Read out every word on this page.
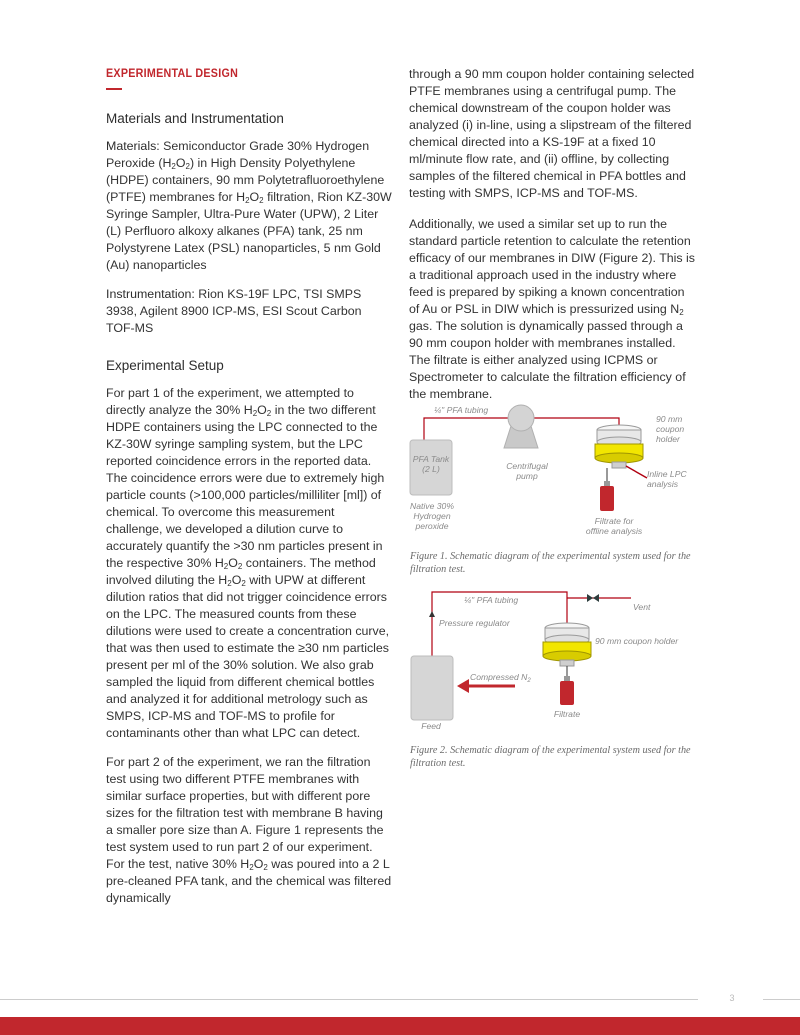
EXPERIMENTAL DESIGN
Materials and Instrumentation

Materials: Semiconductor Grade 30% Hydrogen Peroxide $(H_2O_2)$ in High Density Polyethylene (HDPE) containers, 90 mm Polytetrafluoroethylene (PTFE) membranes for $H_2O_2$ filtration, Rion KZ-30W Syringe Sampler, Ultra-Pure Water (UPW), 2 Liter (L) Perfluoro alkoxy alkanes (PFA) tank, 25 nm Polystyrene Latex (PSL) nanoparticles, 5 nm Gold (Au) nanoparticles

Instrumentation: Rion KS-19F LPC, TSI SMPS 3938, Agilent 8900 ICP-MS, ESI Scout Carbon TOF-MS

Experimental Setup

For part 1 of the experiment, we attempted to directly analyze the 30% $H_2O_2$ in the two different HDPE containers using the LPC connected to the KZ-30W syringe sampling system, but the LPC reported coincidence errors in the reported data. The coincidence errors were due to extremely high particle counts (>100,000 particles/milliliter [ml]) of chemical. To overcome this measurement challenge, we developed a dilution curve to accurately quantify the >30 nm particles present in the respective 30% $H_2O_2$ containers. The method involved diluting the $H_2O_2$ with UPW at different dilution ratios that did not trigger coincidence errors on the LPC. The measured counts from these dilutions were used to create a concentration curve, that was then used to estimate the ≥30 nm particles present per ml of the 30% solution. We also grab sampled the liquid from different chemical bottles and analyzed it for additional metrology such as SMPS, ICP-MS and TOF-MS to profile for contaminants other than what LPC can detect.

For part 2 of the experiment, we ran the filtration test using two different PTFE membranes with similar surface properties, but with different pore sizes for the filtration test with membrane B having a smaller pore size than A. Figure 1 represents the test system used to run part 2 of our experiment. For the test, native 30% $H_2O_2$ was poured into a 2 L pre-cleaned PFA tank, and the chemical was filtered dynamically

through a 90 mm coupon holder containing selected PTFE membranes using a centrifugal pump. The chemical downstream of the coupon holder was analyzed (i) in-line, using a slipstream of the filtered chemical directed into a KS-19F at a fixed 10 ml/minute flow rate, and (ii) offline, by collecting samples of the filtered chemical in PFA bottles and testing with SMPS, ICP-MS and TOF-MS.

Additionally, we used a similar set up to run the standard particle retention to calculate the retention efficacy of our membranes in DIW (Figure 2). This is a traditional approach used in the industry where feed is prepared by spiking a known concentration of Au or PSL in DIW which is pressurized using $N_2$ gas. The solution is dynamically passed through a 90 mm coupon holder with membranes installed. The filtrate is either analyzed using ICPMS or Spectrometer to calculate the filtration efficiency of the membrane.

¼" PFA tubing
PFA Tank
(2 L)
Native 30%
Hydrogen
peroxide
Centrifugal
pump
90 mm
coupon
holder
Inline LPC
analysis
Filtrate for
offline analysis
Figure 1. Schematic diagram of the experimental system used for the filtration test.
¼" PFA tubing
Vent
Pressure regulator
90 mm coupon holder
Compressed $N_2$
Filtrate
Feed
Figure 2. Schematic diagram of the experimental system used for the filtration test.
3
